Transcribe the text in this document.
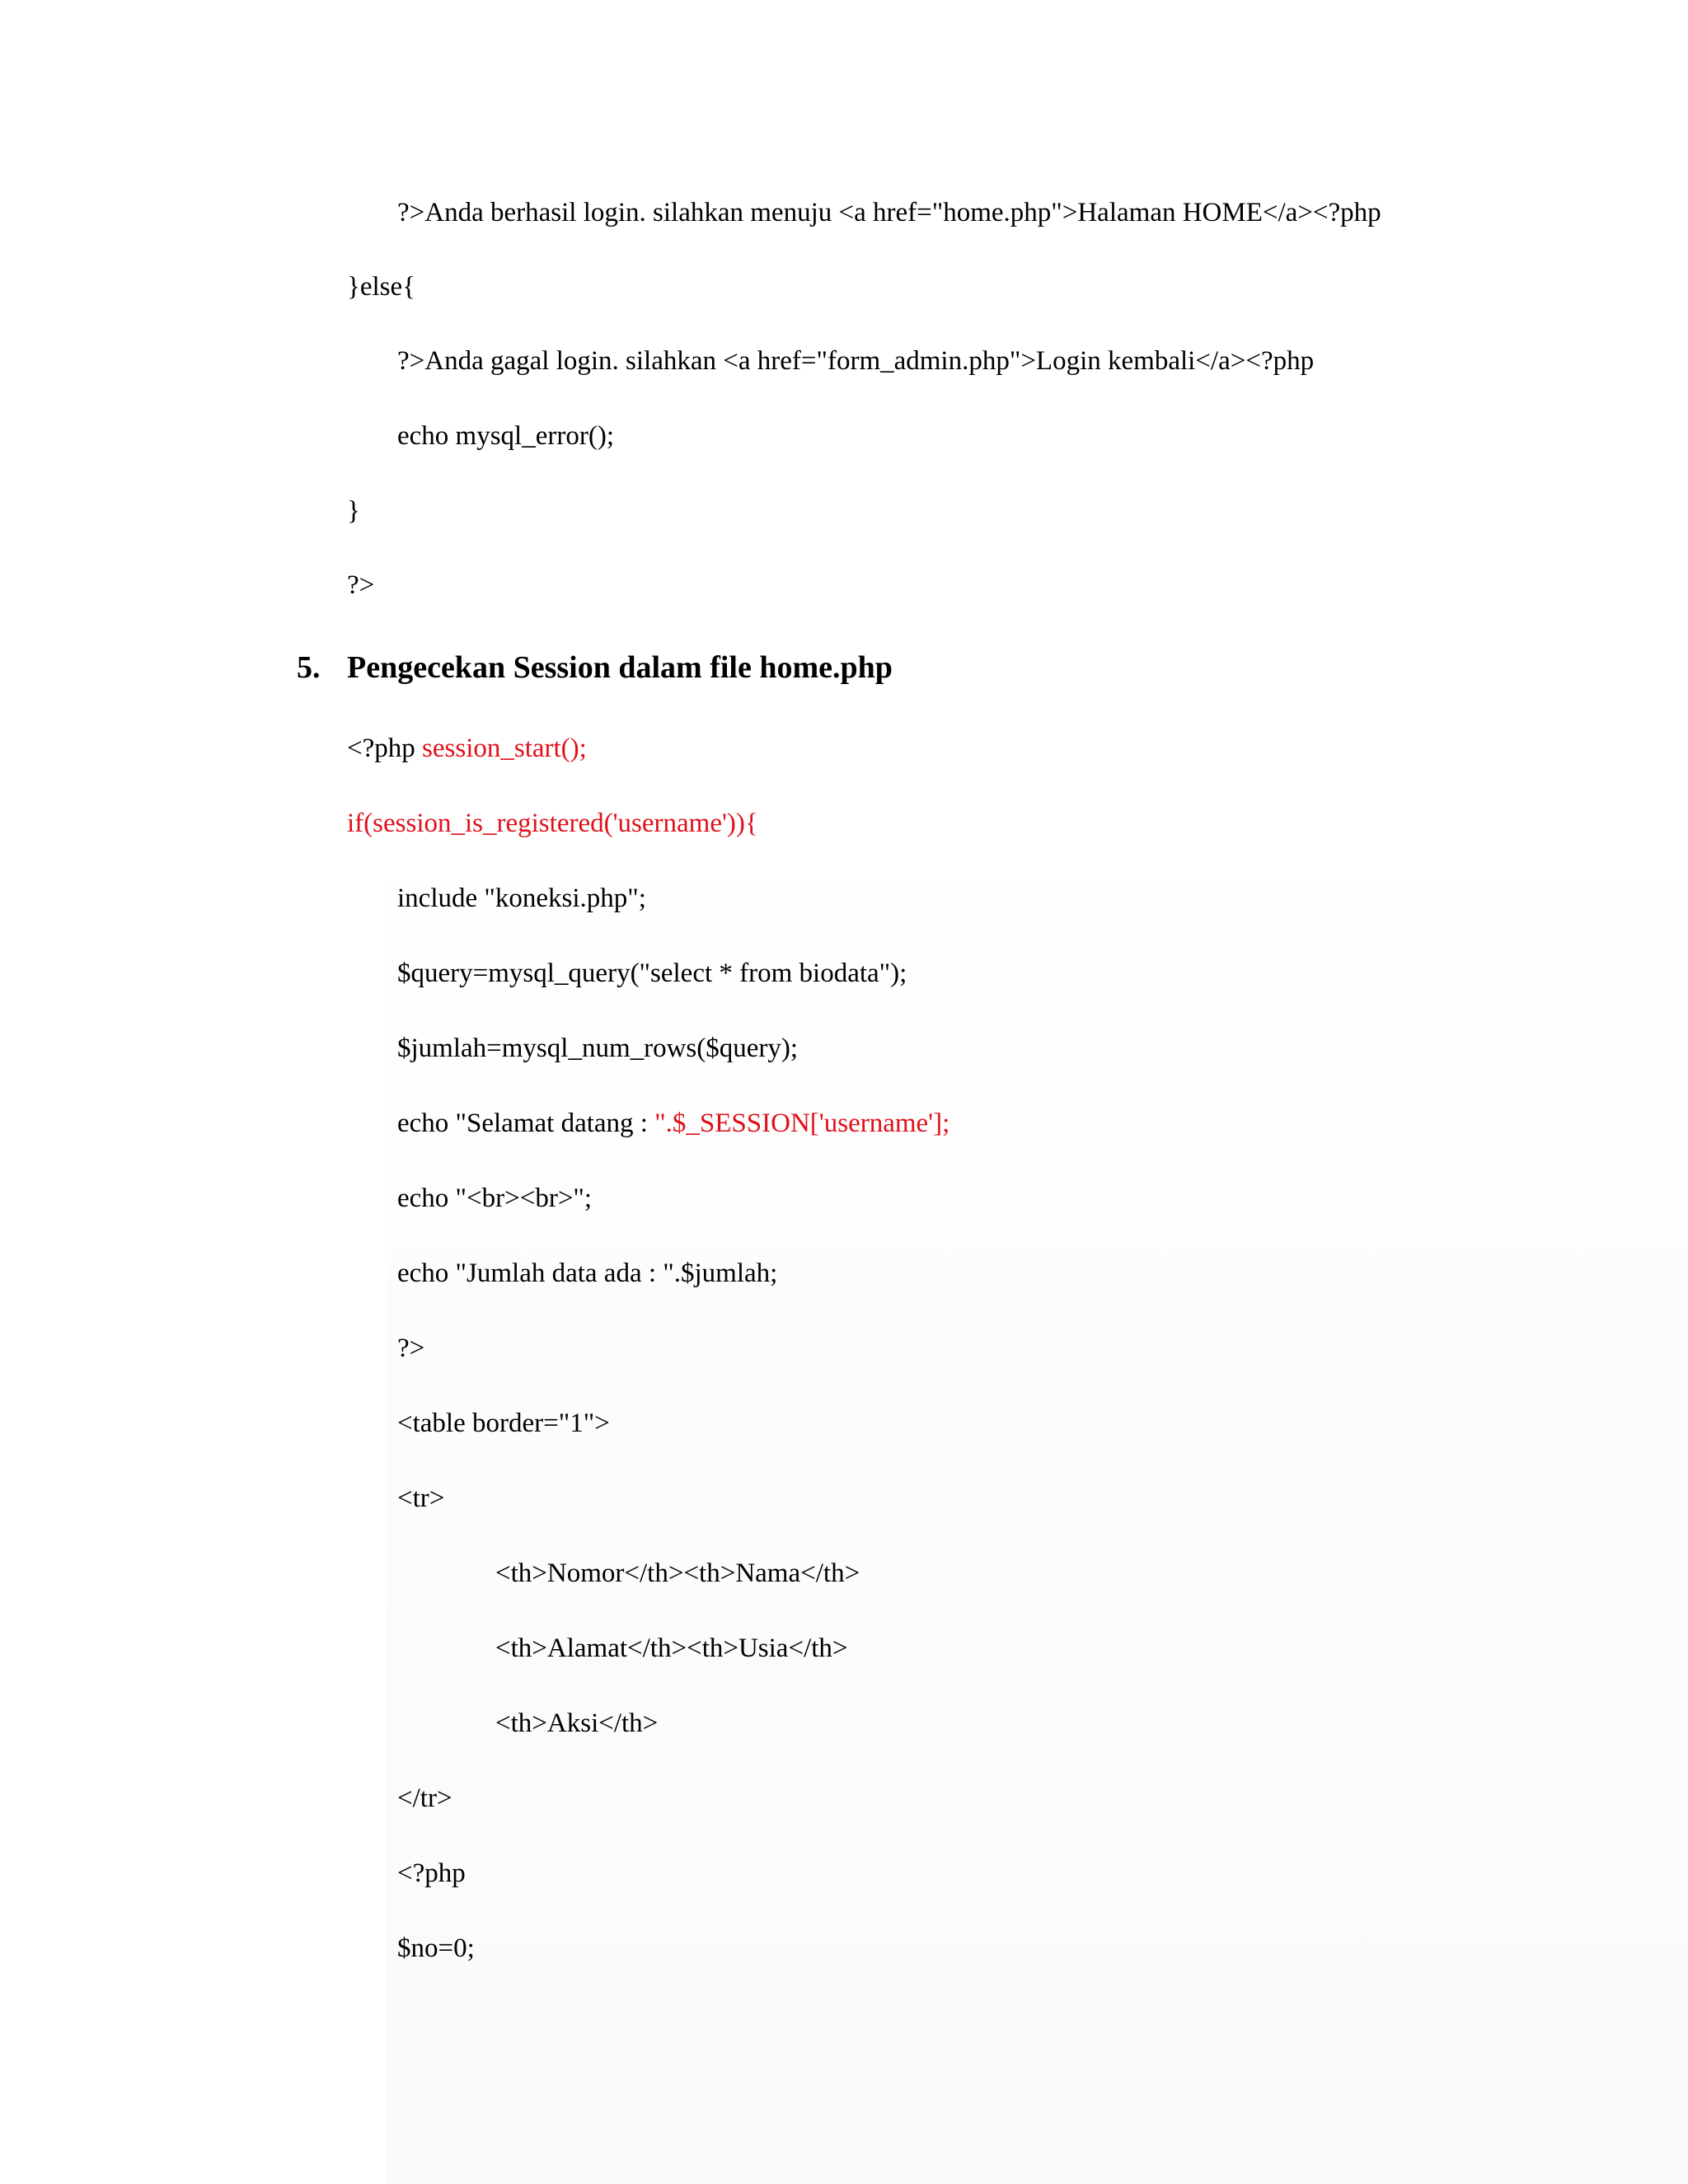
?>Anda berhasil login. silahkan menuju <a href="home.php">Halaman HOME</a><?php
}else{
?>Anda gagal login. silahkan <a href="form_admin.php">Login kembali</a><?php
echo mysql_error();
}
?>
5. Pengecekan Session dalam file home.php
<?php session_start();
if(session_is_registered('username')){
include "koneksi.php";
$query=mysql_query("select * from biodata");
$jumlah=mysql_num_rows($query);
echo "Selamat datang : ".$_SESSION['username'];
echo "<br><br>";
echo "Jumlah data ada : ".$jumlah;
?>
<table border="1">
<tr>
<th>Nomor</th><th>Nama</th>
<th>Alamat</th><th>Usia</th>
<th>Aksi</th>
</tr>
<?php
$no=0;
